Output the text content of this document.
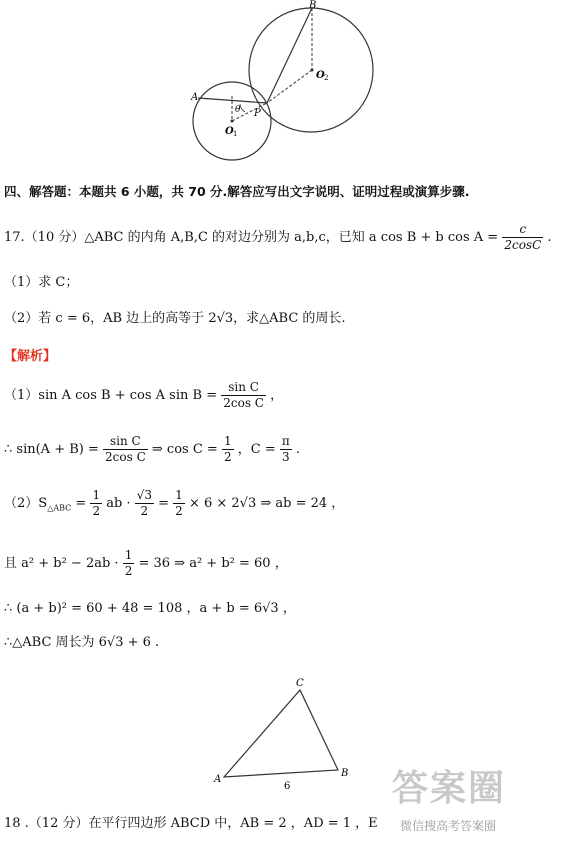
A
B
P
θ
O 1
O 2
四、解答题：本题共 6 小题，共 70 分.解答应写出文字说明、证明过程或演算步骤.
17.（10 分）△ABC 的内角 A,B,C 的对边分别为 a,b,c，已知 a cos B + b $\cos A = \frac{c}{2\cos C}$ .
（1）求 C；
（2）若 c = 6，AB 边上的高等于 2√3，求△ABC 的周长.
【解析】
（1）sin A cos B + cos A $\sin B = \frac{\text{sin C}}{\text{2cos C}}$ ，
∴ $\sin(A + B) = \frac{\text{sin C}}{\text{2cos C}}$ ⇒ $\cos C = \frac{1}{2}$ ，$C = \frac{\pi}{3}$ .
$(2)S_{\triangle ABC} = \frac{1}{2}$ ab · $\frac{√3}{2} = \frac{1}{2} \times 6 \times 2√3$ ⇒ ab = 24 ，
且 $a^2 + b^2 - 2ab \cdot \frac{1}{2} = 36$ ⇒ a² + b² = 60 ，
∴ (a + b)² = 60 + 48 = 108 ，a + b = 6√3 ，
∴△ABC 周长为 6√3 + 6 .
A
B
C
6	答案圈
18 .（12 分）在平行四边形 ABCD 中，AB = 2 ，AD = 1 ，E 微信搜高考答案圈
